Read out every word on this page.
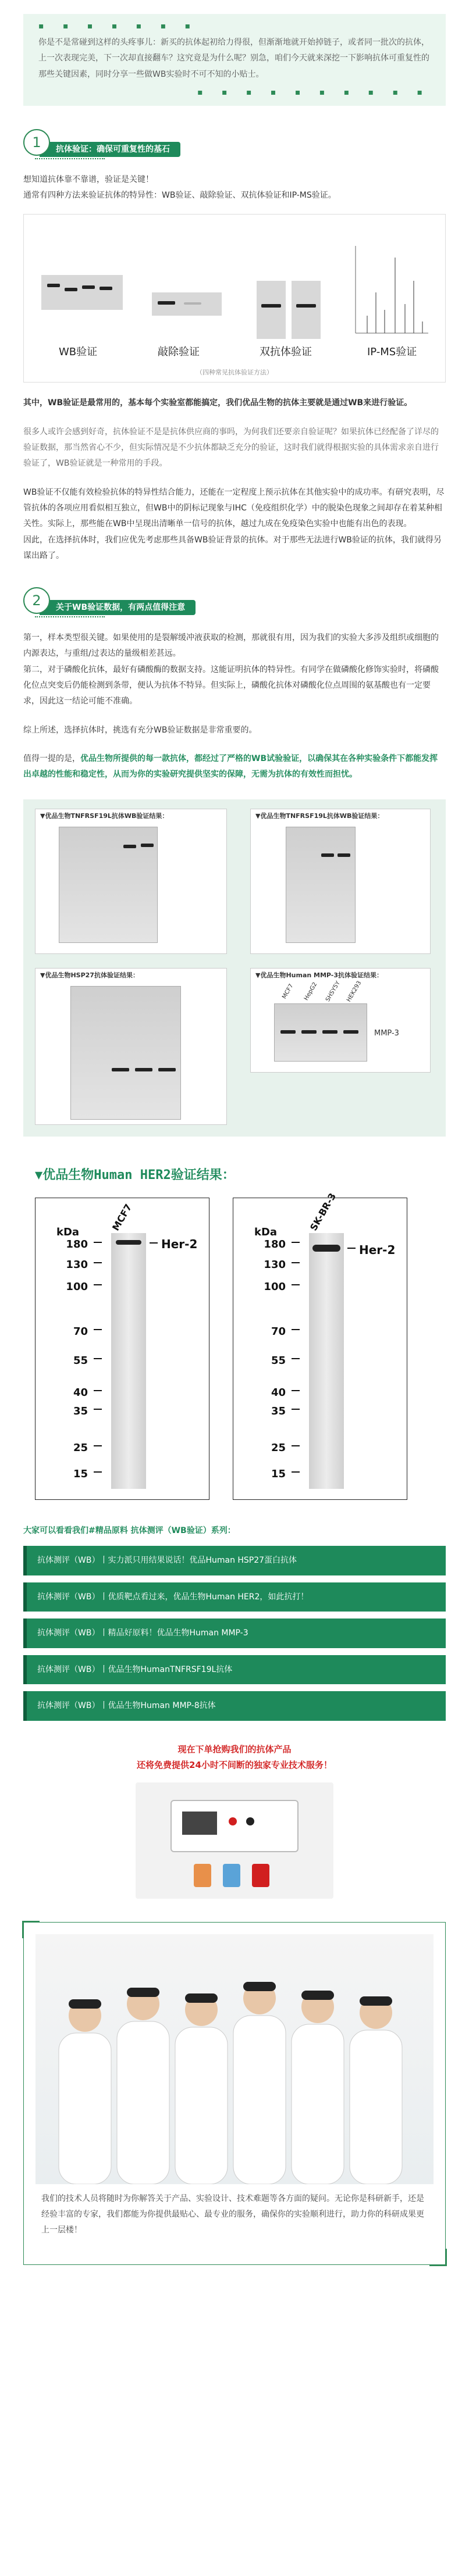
▪ ▪ ▪ ▪ ▪ ▪ ▪

你是不是常碰到这样的头疼事儿：新买的抗体起初给力得很，但渐渐地就开始掉链子，或者同一批次的抗体，上一次表现完美，下一次却直接翻车？这究竟是为什么呢？别急，咱们今天就来深挖一下影响抗体可重复性的那些关键因素，同时分享一些做WB实验时不可不知的小贴士。

▪ ▪ ▪ ▪ ▪ ▪ ▪ ▪ ▪ ▪
1	抗体验证：确保可重复性的基石

想知道抗体靠不靠谱，验证是关键！

通常有四种方法来验证抗体的特异性：WB验证、敲除验证、双抗体验证和IP-MS验证。

WB验证	敲除验证	双抗体验证	IP-MS验证
（四种常见抗体验证方法）

其中，WB验证是最常用的，基本每个实验室都能搞定，我们优品生物的抗体主要就是通过WB来进行验证。

很多人或许会感到好奇，抗体验证不是是抗体供应商的事吗，为何我们还要亲自验证呢？如果抗体已经配备了详尽的验证数据，那当然省心不少，但实际情况是不少抗体都缺乏充分的验证，这时我们就得根据实验的具体需求亲自进行验证了，WB验证就是一种常用的手段。

WB验证不仅能有效检验抗体的特异性结合能力，还能在一定程度上预示抗体在其他实验中的成功率。有研究表明，尽管抗体的各项应用看似相互独立，但WB中的阴标记现象与IHC（免疫组织化学）中的脱染色现象之间却存在着某种相关性。实际上，那些能在WB中呈现出清晰单一信号的抗体，越过九成在免疫染色实验中也能有出色的表现。

因此，在选择抗体时，我们应优先考虑那些具备WB验证背景的抗体。对于那些无法进行WB验证的抗体，我们就得另谋出路了。

2	关于WB验证数据，有两点值得注意

第一，样本类型很关键。如果使用的是裂解缓冲液获取的检测，那就很有用，因为我们的实验大多涉及组织或细胞的内源表达，与重组/过表达的量级相差甚远。

第二，对于磷酸化抗体，最好有磷酸酶的数据支持。这能证明抗体的特异性。有同学在做磷酸化修饰实验时，将磷酸化位点突变后仍能检测到条带，便认为抗体不特异。但实际上，磷酸化抗体对磷酸化位点周围的氨基酸也有一定要求，因此这一结论可能不准确。

综上所述，选择抗体时，挑选有充分WB验证数据是非常重要的。

值得一提的是，优品生物所提供的每一款抗体，都经过了严格的WB试验验证，以确保其在各种实验条件下都能发挥出卓越的性能和稳定性，从而为你的实验研究提供坚实的保障，无需为抗体的有效性而担忧。

▼优品生物TNFRSF19L抗体WB验证结果：	▼优品生物TNFRSF19L抗体WB验证结果：
▼优品生物HSP27抗体验证结果：	▼优品生物Human MMP-3抗体验证结果：
MMP-3
MCF7	HepG2	SHSY5Y HEK293
▼优品生物Human HER2验证结果：
kDa	MCF7
Her-2
180
130
100
70
55
40
35
25
15
kDa	SK-BR-3
Her-2
180
130
100
70
55
40
35
25
15
大家可以看看我们#精品原料 抗体测评（WB验证）系列：
抗体测评（WB）丨实力派只用结果说话！优品Human HSP27蛋白抗体
抗体测评（WB）丨优质靶点看过来，优品生物Human HER2，如此抗打！
抗体测评（WB）丨精品好原料！优品生物Human MMP-3
抗体测评（WB）丨优品生物HumanTNFRSF19L抗体
抗体测评（WB）丨优品生物Human MMP-8抗体
现在下单抢购我们的抗体产品
还将免费提供24小时不间断的独家专业技术服务！

我们的技术人员将随时为你解答关于产品、实验设计、技术难题等各方面的疑问。无论你是科研新手，还是经验丰富的专家，我们都能为你提供最贴心、最专业的服务，确保你的实验顺利进行，助力你的科研成果更上一层楼！
